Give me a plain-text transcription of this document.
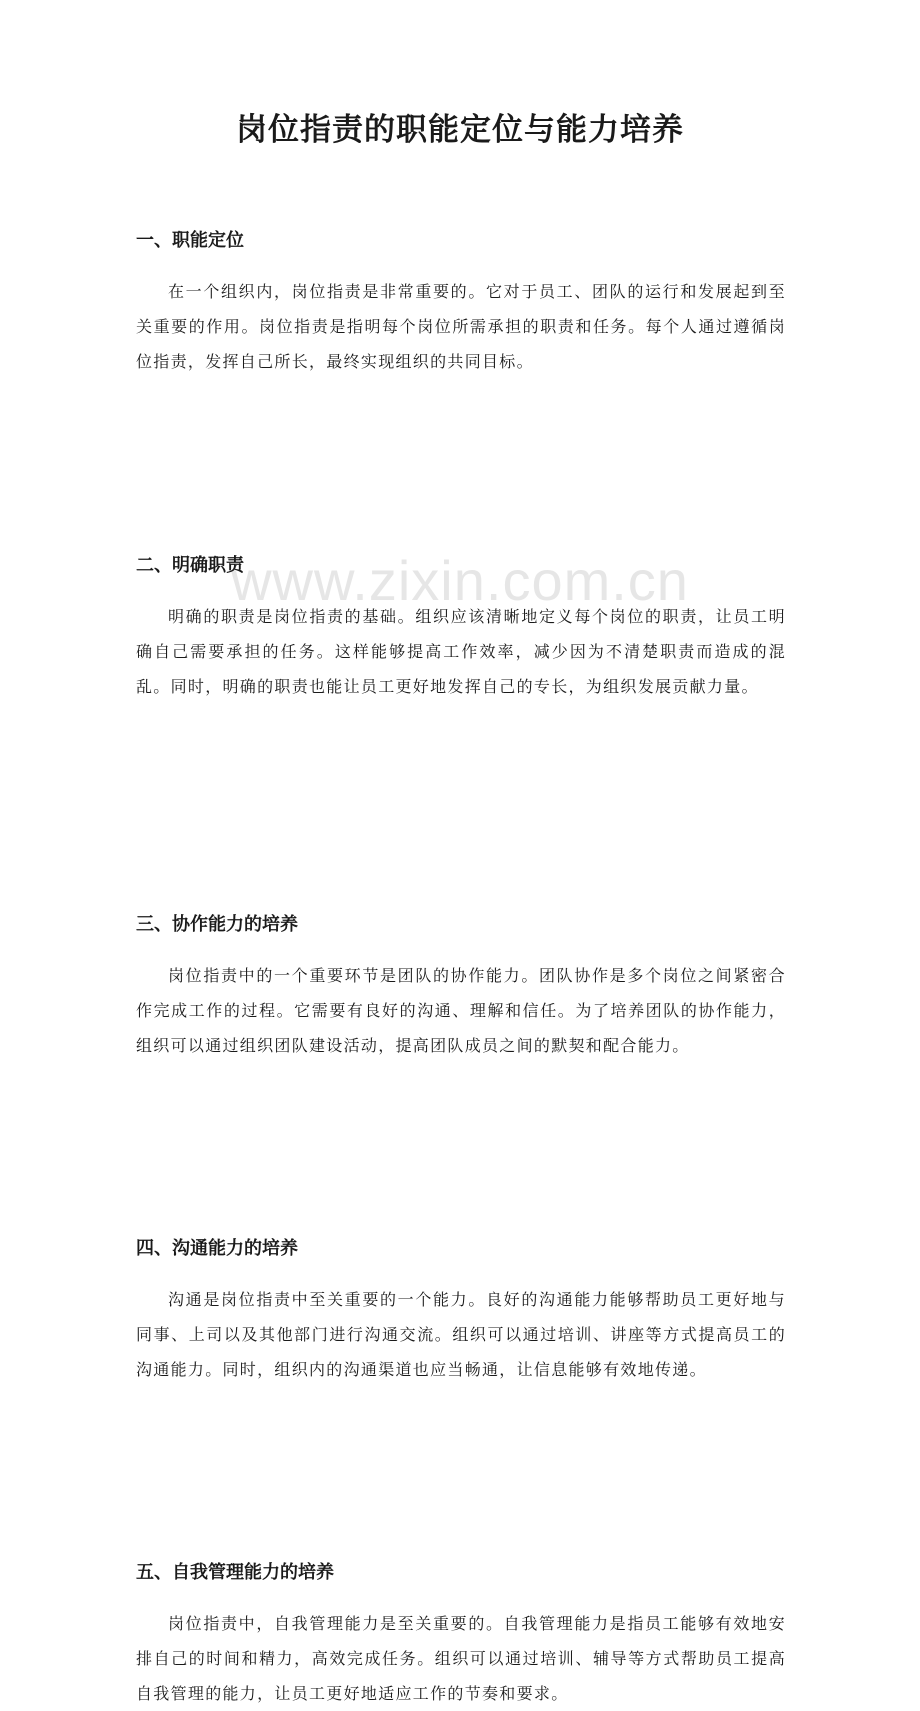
www.zixin.com.cn
岗位指责的职能定位与能力培养
一、职能定位

在一个组织内，岗位指责是非常重要的。它对于员工、团队的运行和发展起到至关重要的作用。岗位指责是指明每个岗位所需承担的职责和任务。每个人通过遵循岗位指责，发挥自己所长，最终实现组织的共同目标。

二、明确职责

明确的职责是岗位指责的基础。组织应该清晰地定义每个岗位的职责，让员工明确自己需要承担的任务。这样能够提高工作效率，减少因为不清楚职责而造成的混乱。同时，明确的职责也能让员工更好地发挥自己的专长，为组织发展贡献力量。

三、协作能力的培养

岗位指责中的一个重要环节是团队的协作能力。团队协作是多个岗位之间紧密合作完成工作的过程。它需要有良好的沟通、理解和信任。为了培养团队的协作能力，组织可以通过组织团队建设活动，提高团队成员之间的默契和配合能力。

四、沟通能力的培养

沟通是岗位指责中至关重要的一个能力。良好的沟通能力能够帮助员工更好地与同事、上司以及其他部门进行沟通交流。组织可以通过培训、讲座等方式提高员工的沟通能力。同时，组织内的沟通渠道也应当畅通，让信息能够有效地传递。

五、自我管理能力的培养

岗位指责中，自我管理能力是至关重要的。自我管理能力是指员工能够有效地安排自己的时间和精力，高效完成任务。组织可以通过培训、辅导等方式帮助员工提高自我管理的能力，让员工更好地适应工作的节奏和要求。
